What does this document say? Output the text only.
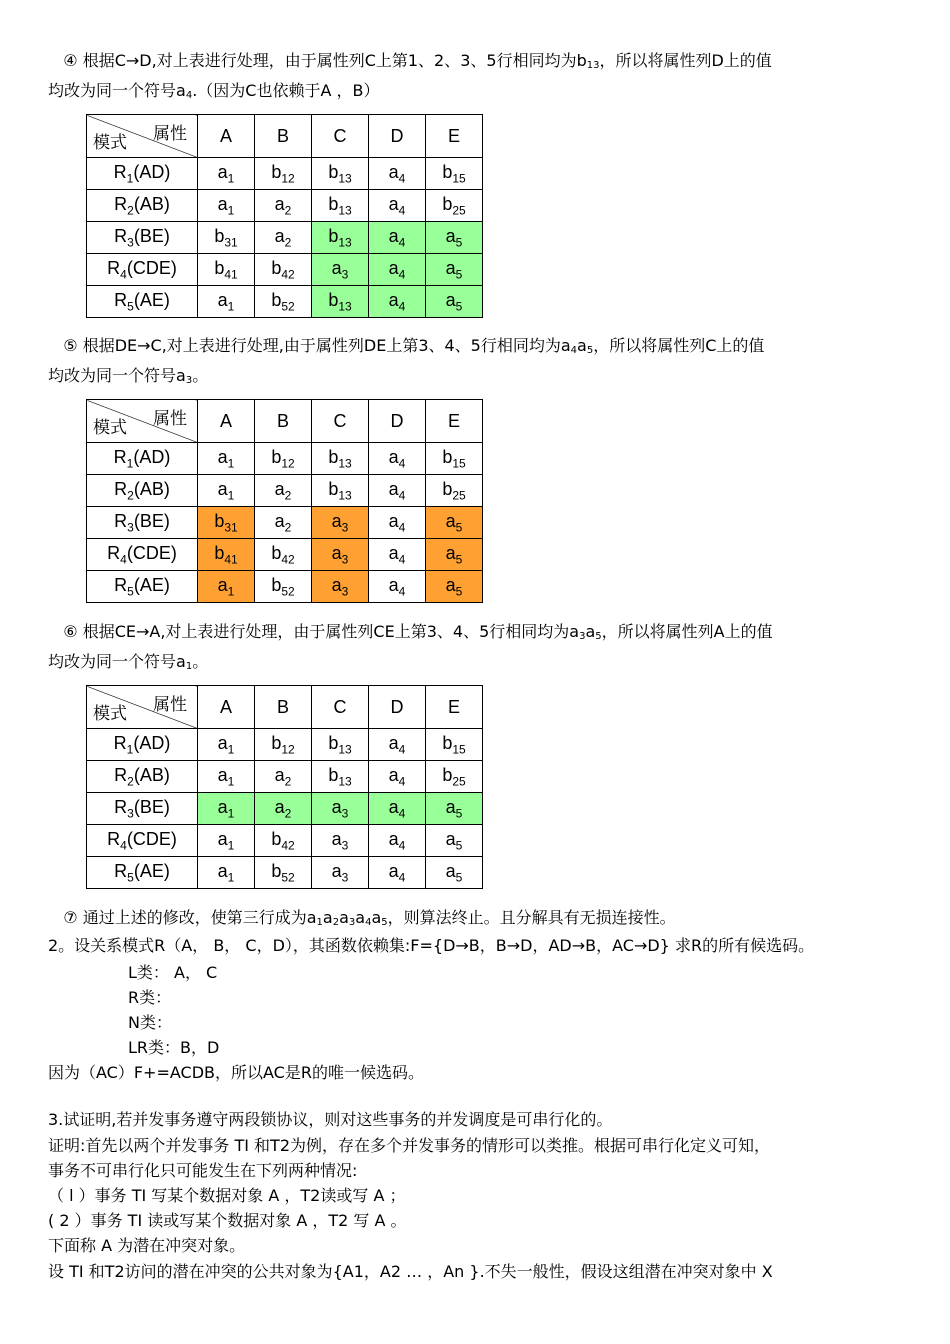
④ 根据C→D,对上表进行处理，由于属性列C上第1、2、3、5行相同均为$b_{13}$，所以将属性列D上的值

均改为同一个符号$a_4$.（因为C也依赖于A ，B）

属性
模式	A	B	C	D	E
$R_1(AD)$	$a_1$	$b_{12}$	$b_{13}$	$a_4$	$b_{15}$
$R_2(AB)$	$a_1$	$a_2$	$b_{13}$	$a_4$	$b_{25}$
$R_3(BE)$	$b_{31}$	$a_2$	$b_{13}$	$a_4$	$a_5$
$R_4(CDE)$	$b_{41}$	$b_{42}$	$a_3$	$a_4$	$a_5$
$R_5(AE)$	$a_1$	$b_{52}$	$b_{13}$	$a_4$	$a_5$

⑤ 根据DE→C,对上表进行处理,由于属性列DE上第3、4、5行相同均为$a_4a_5$，所以将属性列C上的值

均改为同一个符号$a_3$。

属性
模式	A	B	C	D	E
$R_1(AD)$	$a_1$	$b_{12}$	$b_{13}$	$a_4$	$b_{15}$
$R_2(AB)$	$a_1$	$a_2$	$b_{13}$	$a_4$	$b_{25}$
$R_3(BE)$	$b_{31}$	$a_2$	$a_3$	$a_4$	$a_5$
$R_4(CDE)$	$b_{41}$	$b_{42}$	$a_3$	$a_4$	$a_5$
$R_5(AE)$	$a_1$	$b_{52}$	$a_3$	$a_4$	$a_5$

⑥ 根据CE→A,对上表进行处理，由于属性列CE上第3、4、5行相同均为$a_3a_5$，所以将属性列A上的值

均改为同一个符号$a_1$。

属性
模式	A	B	C	D	E
$R_1(AD)$	$a_1$	$b_{12}$	$b_{13}$	$a_4$	$b_{15}$
$R_2(AB)$	$a_1$	$a_2$	$b_{13}$	$a_4$	$b_{25}$
$R_3(BE)$	$a_1$	$a_2$	$a_3$	$a_4$	$a_5$
$R_4(CDE)$	$a_1$	$b_{42}$	$a_3$	$a_4$	$a_5$
$R_5(AE)$	$a_1$	$b_{52}$	$a_3$	$a_4$	$a_5$

⑦ 通过上述的修改，使第三行成为$a_1a_2a_3a_4a_5$，则算法终止。且分解具有无损连接性。

2。设关系模式R（A， B， C，D），其函数依赖集:F={D→B，B→D，AD→B，AC→D} 求R的所有候选码。

L类： A， C

R类：

N类：

LR类：B，D

因为（AC）F+=ACDB，所以AC是R的唯一候选码。

3.试证明,若并发事务遵守两段锁协议，则对这些事务的并发调度是可串行化的。

证明:首先以两个并发事务 TI 和T2为例，存在多个并发事务的情形可以类推。根据可串行化定义可知，

事务不可串行化只可能发生在下列两种情况:

（ l ）事务 TI 写某个数据对象 A ，T2读或写 A ；

( 2 ）事务 TI 读或写某个数据对象 A ，T2 写 A 。

下面称 A 为潜在冲突对象。

设 TI 和T2访问的潜在冲突的公共对象为{A1，A2 … ，An }.不失一般性，假设这组潜在冲突对象中 X
